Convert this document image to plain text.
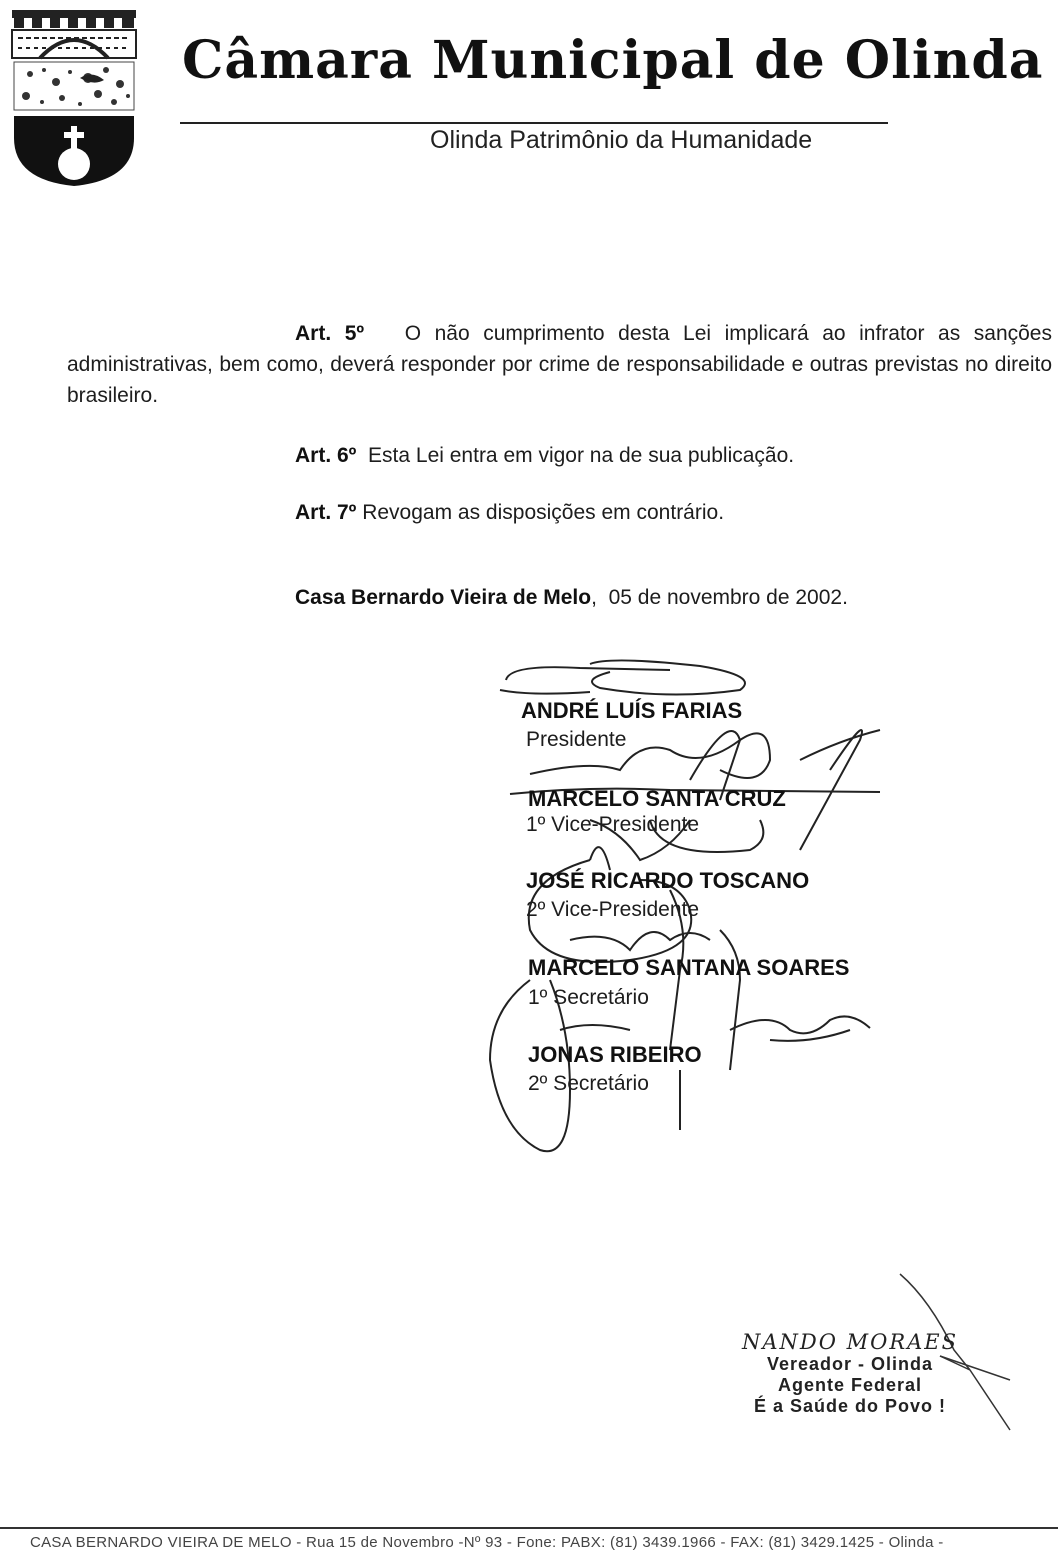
Câmara Municipal de Olinda
Olinda Patrimônio da Humanidade
Art. 5º O não cumprimento desta Lei implicará ao infrator as sanções administrativas, bem como, deverá responder por crime de responsabilidade e outras previstas no direito brasileiro.
Art. 6º Esta Lei entra em vigor na de sua publicação.
Art. 7º Revogam as disposições em contrário.
Casa Bernardo Vieira de Melo,  05 de novembro de 2002.
ANDRÉ LUÍS FARIAS
Presidente
MARCELO SANTA CRUZ
1º Vice-Presidente
JOSÉ RICARDO TOSCANO
2º Vice-Presidente
MARCELO SANTANA SOARES
1º Secretário
JONAS RIBEIRO
2º Secretário
NANDO MORAES
Vereador - Olinda
Agente Federal
É a Saúde do Povo !
CASA BERNARDO VIEIRA DE MELO - Rua 15 de Novembro -Nº 93 - Fone: PABX: (81) 3439.1966 - FAX: (81) 3429.1425 - Olinda -
